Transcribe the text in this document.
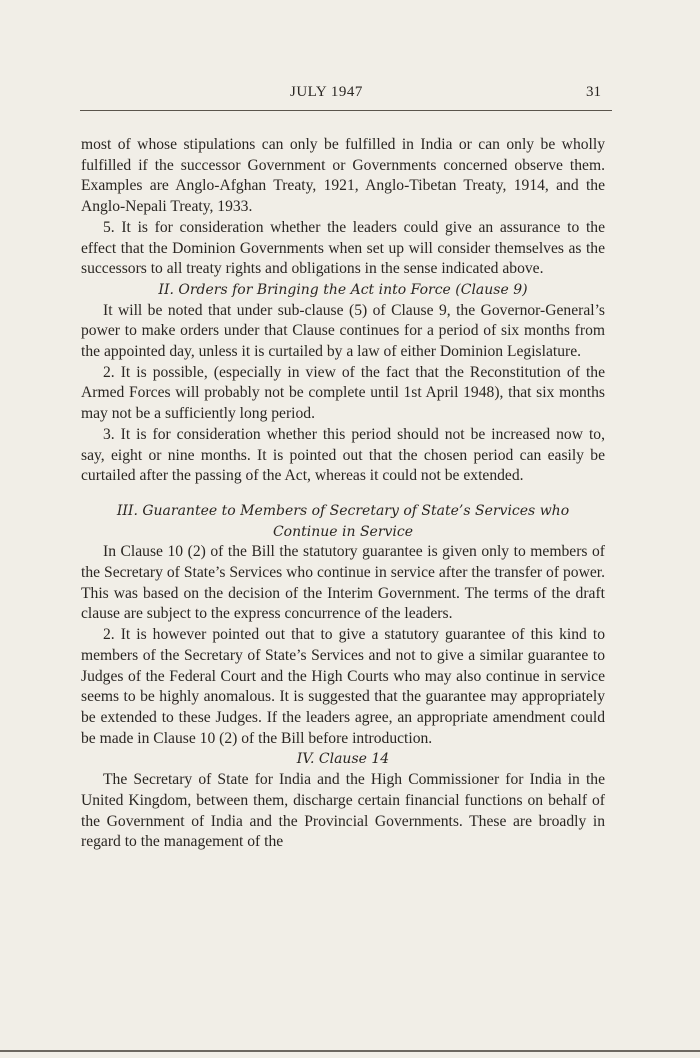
JULY 1947	31

most of whose stipulations can only be fulfilled in India or can only be wholly fulfilled if the successor Government or Governments concerned observe them. Examples are Anglo-Afghan Treaty, 1921, Anglo-Tibetan Treaty, 1914, and the Anglo-Nepali Treaty, 1933.

5. It is for consideration whether the leaders could give an assurance to the effect that the Dominion Governments when set up will consider themselves as the successors to all treaty rights and obligations in the sense indicated above.

II. Orders for Bringing the Act into Force (Clause 9)

It will be noted that under sub-clause (5) of Clause 9, the Governor-General’s power to make orders under that Clause continues for a period of six months from the appointed day, unless it is curtailed by a law of either Dominion Legislature.

2. It is possible, (especially in view of the fact that the Reconstitution of the Armed Forces will probably not be complete until 1st April 1948), that six months may not be a sufficiently long period.

3. It is for consideration whether this period should not be increased now to, say, eight or nine months. It is pointed out that the chosen period can easily be curtailed after the passing of the Act, whereas it could not be extended.

III. Guarantee to Members of Secretary of State’s Services who
Continue in Service

In Clause 10 (2) of the Bill the statutory guarantee is given only to members of the Secretary of State’s Services who continue in service after the transfer of power. This was based on the decision of the Interim Government. The terms of the draft clause are subject to the express concurrence of the leaders.

2. It is however pointed out that to give a statutory guarantee of this kind to members of the Secretary of State’s Services and not to give a similar guarantee to Judges of the Federal Court and the High Courts who may also continue in service seems to be highly anomalous. It is suggested that the guarantee may appropriately be extended to these Judges. If the leaders agree, an appropriate amendment could be made in Clause 10 (2) of the Bill before introduction.

IV. Clause 14

The Secretary of State for India and the High Commissioner for India in the United Kingdom, between them, discharge certain financial functions on behalf of the Government of India and the Provincial Governments. These are broadly in regard to the management of the
